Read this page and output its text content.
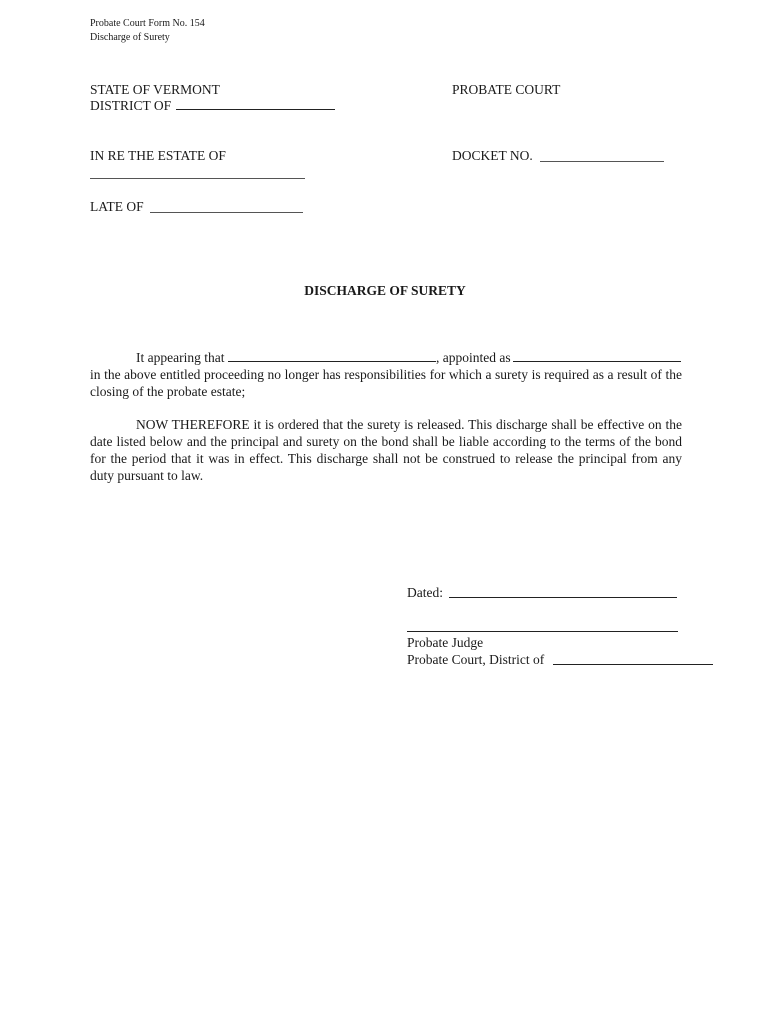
Probate Court Form No. 154
Discharge of Surety
STATE OF VERMONT	PROBATE COURT
DISTRICT OF
IN RE THE ESTATE OF	DOCKET NO.
LATE OF
DISCHARGE OF SURETY
It appearing that	, appointed as
in the above entitled proceeding no longer has responsibilities for which a surety is required as a result of the closing of the probate estate;
NOW THEREFORE it is ordered that the surety is released. This discharge shall be effective on the date listed below and the principal and surety on the bond shall be liable according to the terms of the bond for the period that it was in effect. This discharge shall not be construed to release the principal from any duty pursuant to law.
Dated:
Probate Judge
Probate Court, District of
